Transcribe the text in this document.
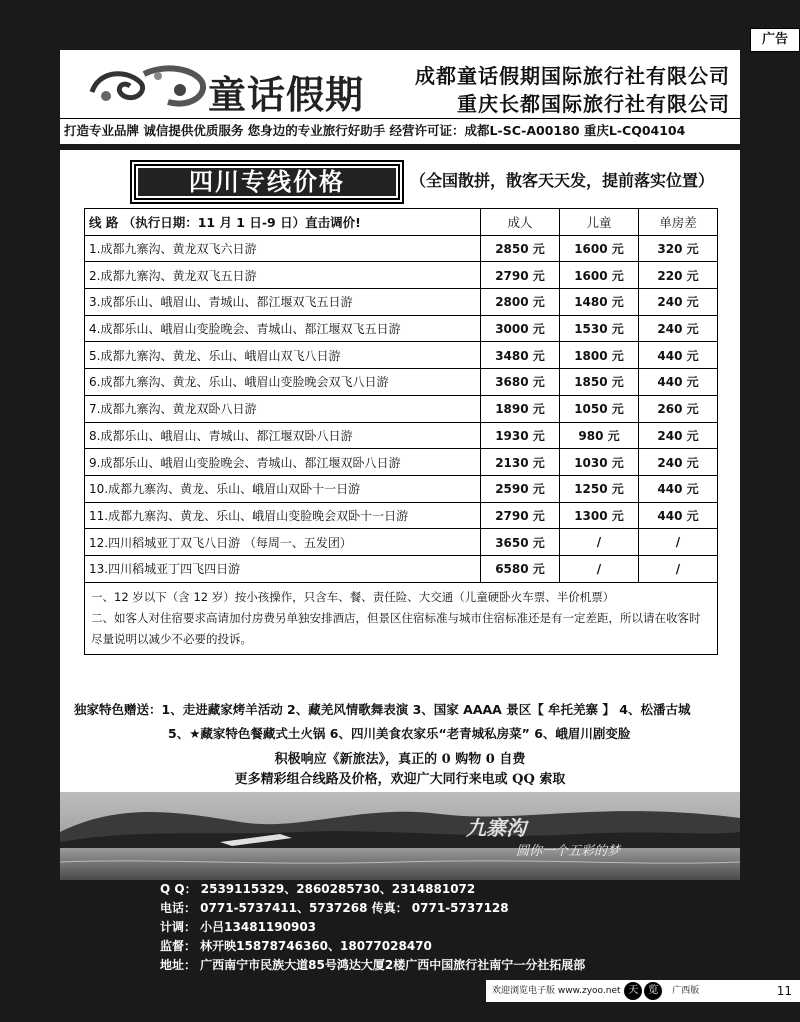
广告
童话假期	成都童话假期国际旅行社有限公司
重庆长都国际旅行社有限公司
打造专业品牌 诚信提供优质服务 您身边的专业旅行好助手 经营许可证：成都L-SC-A00180 重庆L-CQ04104
四川专线价格	（全国散拼，散客天天发，提前落实位置）
线 路 （执行日期：11 月 1 日-9 日）直击调价!	成人	儿童	单房差
1.成都九寨沟、黄龙双飞六日游	2850 元	1600 元	320 元
2.成都九寨沟、黄龙双飞五日游	2790 元	1600 元	220 元
3.成都乐山、峨眉山、青城山、都江堰双飞五日游	2800 元	1480 元	240 元
4.成都乐山、峨眉山变脸晚会、青城山、都江堰双飞五日游	3000 元	1530 元	240 元
5.成都九寨沟、黄龙、乐山、峨眉山双飞八日游	3480 元	1800 元	440 元
6.成都九寨沟、黄龙、乐山、峨眉山变脸晚会双飞八日游	3680 元	1850 元	440 元
7.成都九寨沟、黄龙双卧八日游	1890 元	1050 元	260 元
8.成都乐山、峨眉山、青城山、都江堰双卧八日游	1930 元	980 元	240 元
9.成都乐山、峨眉山变脸晚会、青城山、都江堰双卧八日游	2130 元	1030 元	240 元
10.成都九寨沟、黄龙、乐山、峨眉山双卧十一日游	2590 元	1250 元	440 元
11.成都九寨沟、黄龙、乐山、峨眉山变脸晚会双卧十一日游	2790 元	1300 元	440 元
12.四川稻城亚丁双飞八日游 （每周一、五发团）	3650 元	/	/
13.四川稻城亚丁四飞四日游	6580 元	/	/

一、12 岁以下（含 12 岁）按小孩操作，只含车、餐、责任险、大交通（儿童硬卧火车票、半价机票）
二、如客人对住宿要求高请加付房费另单独安排酒店，但景区住宿标准与城市住宿标准还是有一定差距，所以请在收客时尽量说明以减少不必要的投诉。			
独家特色赠送：1、走进藏家烤羊活动 2、藏羌风情歌舞表演 3、国家 AAAA 景区【 牟托羌寨 】 4、松潘古城
5、★藏家特色餐藏式土火锅 6、四川美食农家乐“老青城私房菜” 6、峨眉川剧变脸
积极响应《新旅法》，真正的 0 购物 0 自费
更多精彩组合线路及价格，欢迎广大同行来电或 QQ 索取
九寨沟
圆你一个五彩的梦
Q Q： 2539115329、2860285730、2314881072
电话： 0771-5737411、5737268 传真： 0771-5737128
计调： 小吕13481190903
监督： 林开映15878746360、18077028470
地址： 广西南宁市民族大道85号鸿达大厦2楼广西中国旅行社南宁一分社拓展部
欢迎浏览电子版 www.zyoo.net 天 览 广西版	11
